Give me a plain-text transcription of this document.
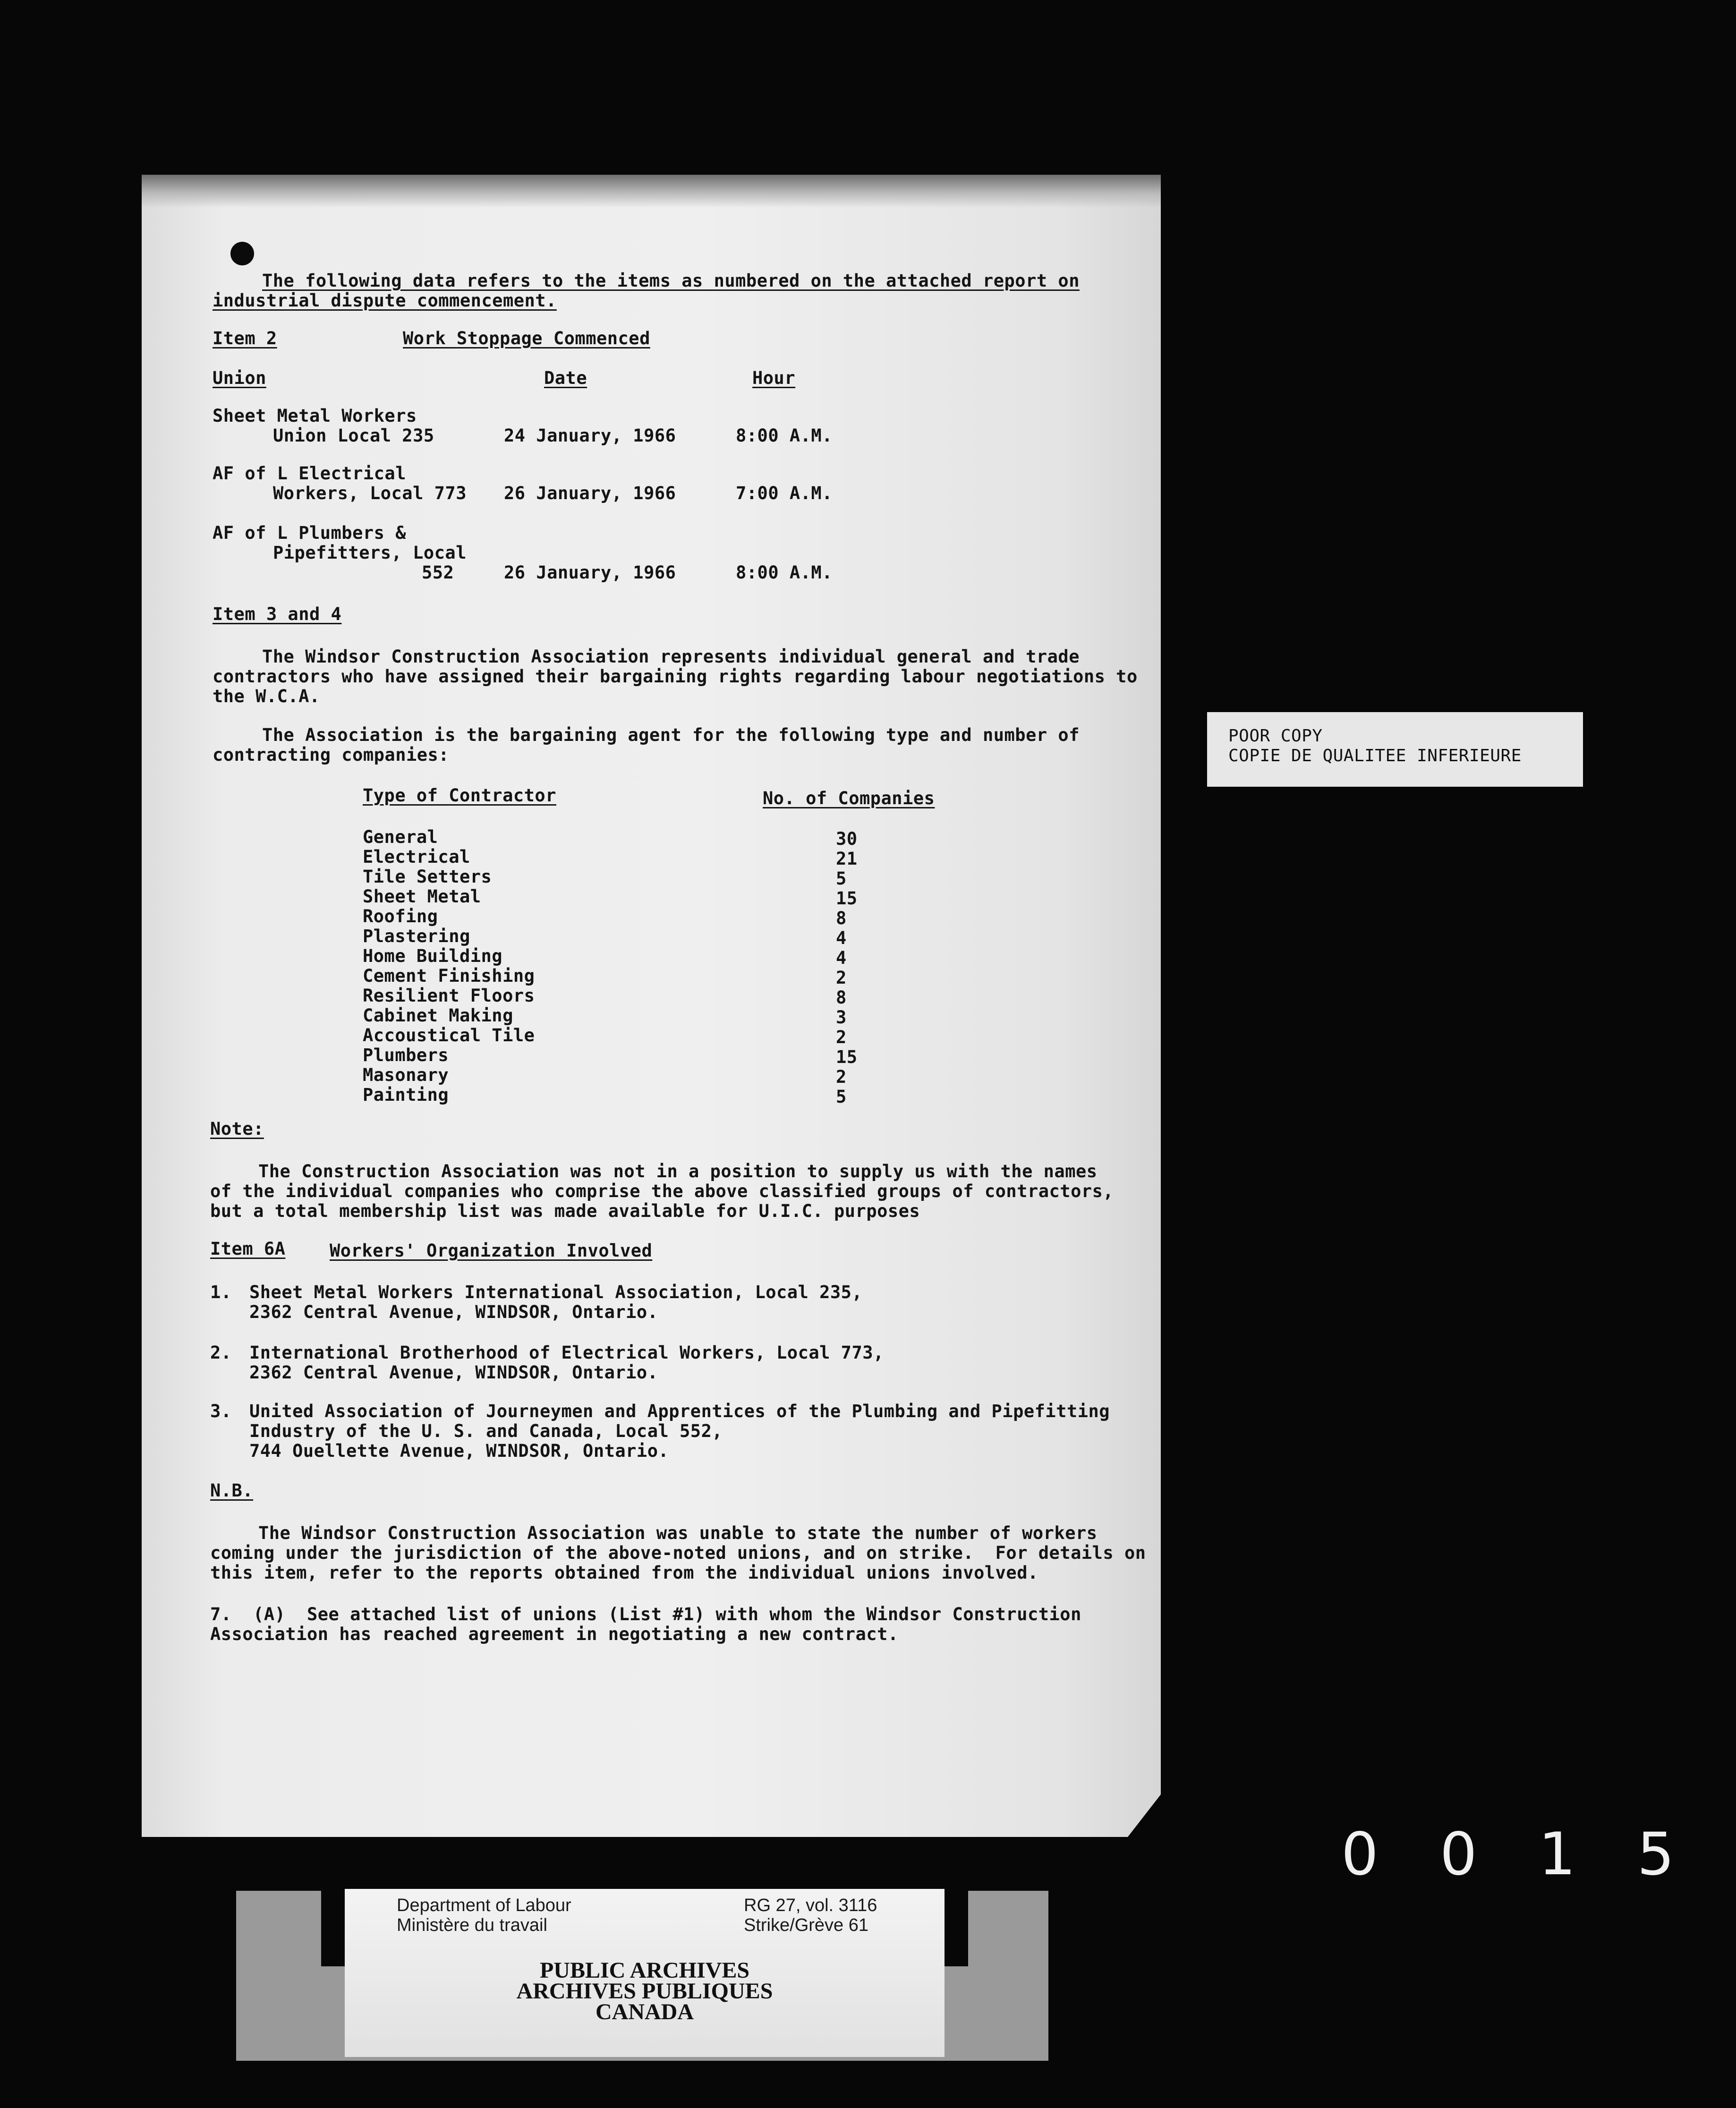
The following data refers to the items as numbered on the attached report on
industrial dispute commencement.
Item 2	Work Stoppage Commenced
Union	Date	Hour
Sheet Metal Workers
Union Local 235	24 January, 1966	8:00 A.M.
AF of L Electrical
Workers, Local 773 26 January, 1966	7:00 A.M.
AF of L Plumbers &
Pipefitters, Local
552	26 January, 1966	8:00 A.M.
Item 3 and 4
The Windsor Construction Association represents individual general and trade
contractors who have assigned their bargaining rights regarding labour negotiations to
the W.C.A.
The Association is the bargaining agent for the following type and number of
contracting companies:
Type of Contractor	No. of Companies
General	30
Electrical	21
Tile Setters	5
Sheet Metal	15
Roofing	8
Plastering	4
Home Building	4
Cement Finishing	2
Resilient Floors	8
Cabinet Making	3
Accoustical Tile	2
Plumbers	15
Masonary	2
Painting	5
Note:
The Construction Association was not in a position to supply us with the names
of the individual companies who comprise the above classified groups of contractors,
but a total membership list was made available for U.I.C. purposes
Item 6A	Workers' Organization Involved
1. Sheet Metal Workers International Association, Local 235,
2362 Central Avenue, WINDSOR, Ontario.
2. International Brotherhood of Electrical Workers, Local 773,
2362 Central Avenue, WINDSOR, Ontario.
3. United Association of Journeymen and Apprentices of the Plumbing and Pipefitting
Industry of the U. S. and Canada, Local 552,
744 Ouellette Avenue, WINDSOR, Ontario.
N.B.
The Windsor Construction Association was unable to state the number of workers
coming under the jurisdiction of the above-noted unions, and on strike.  For details on
this item, refer to the reports obtained from the individual unions involved.
7.  (A)  See attached list of unions (List #1) with whom the Windsor Construction
Association has reached agreement in negotiating a new contract.
POOR COPY
COPIE DE QUALITEE INFERIEURE
0015
Department of Labour
Ministère du travail
RG 27, vol. 3116
Strike/Grève 61
PUBLIC ARCHIVES
ARCHIVES PUBLIQUES
CANADA
